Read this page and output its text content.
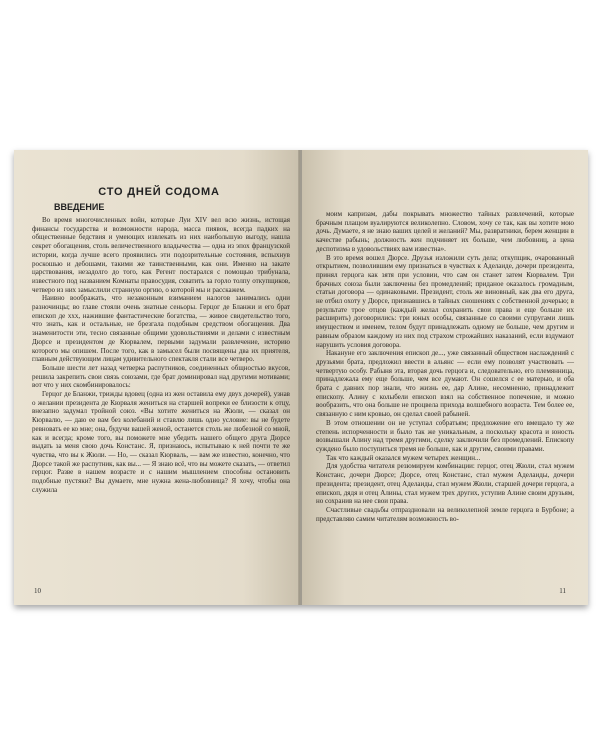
СТО ДНЕЙ СОДОМА
ВВЕДЕНИЕ

Во время многочисленных войн, которые Луи XIV вел всю жизнь, истощая финансы государства и возможности народа, масса пиявок, всегда падких на общественные бедствия и умеющих извлекать из них наибольшую выгоду, нашла секрет обогащения, столь величественного владычества — одна из эпох французской истории, когда лучше всего проявились эти подозрительные состояния, вспыхнув роскошью и дебошами, такими же таинственными, как они. Именно на закате царствования, незадолго до того, как Регент постарался с помощью трибунала, известного под названием Комнаты правосудия, схватить за горло толпу откупщиков, четверо из них замыслили странную оргию, о которой мы и расскажем.

Наивно воображать, что незаконным взиманием налогов занимались одни разночинцы; во главе стояли очень знатные сеньоры. Герцог де Бланжи и его брат епископ де ххх, нажившие фантастические богатства, — живое свидетельство того, что знать, как и остальные, не брезгала подобным средством обогащения. Два знаменитости эти, тесно связанные общими удовольствиями и делами с известным Дюрсе и президентом де Кюрвалем, первыми задумали развлечение, историю которого мы опишем. После того, как в замысел были посвящены два их приятеля, главным действующим лицам удивительного спектакля стали все четверо.

Больше шести лет назад четверка распутников, соединенных общностью вкусов, решила закрепить свои связь союзами, где брат доминировал над другими мотивами; вот что у них скомбинировалось:

Герцог де Бланжи, трижды вдовец (одна из жен оставила ему двух дочерей), узнав о желании президента де Кюрваля жениться на старшей вопреки ее близости к отцу, внезапно задумал тройной союз. «Вы хотите жениться на Жюли, — сказал он Кюрвалю, — даю ее вам без колебаний и ставлю лишь одно условие: вы не будете ревновать ее ко мне; она, будучи вашей женой, останется столь же любезной со мной, как и всегда; кроме того, вы поможете мне убедить нашего общего друга Дюрсе выдать за меня свою дочь Констанс. Я, признаюсь, испытываю к ней почти те же чувства, что вы к Жюли. — Но, — сказал Кюрваль, — вам же известно, конечно, что Дюрсе такой же распутник, как вы... — Я знаю всё, что вы можете сказать, — ответил герцог. Разве в нашем возрасте и с нашим мышлением способны остановить подобные пустяки? Вы думаете, мне нужна жена-любовница? Я хочу, чтобы она служила

10

моим капризам, дабы покрывать множество тайных развлечений, которые брачным плащом вуалируются великолепно. Словом, хочу се так, как вы хотите мою дочь. Думаете, я не знаю ваших целей и желаний? Мы, развратники, берем женщин в качестве рабынь; должность жен подчиняет их больше, чем любовниц, а цена деспотизма в удовольствиях вам известна».

В это время вошел Дюрсе. Друзья изложили суть дела; откупщик, очарованный открытием, позволившим ему признаться в чувствах к Аделаиде, дочери президента, принял герцога как зятя при условии, что сам он станет затем Кюрвалем. Три брачных союза были заключены без промедлений; приданое оказалось громадным, статьи договора — одинаковыми. Президент, столь же виновный, как два его друга, не отбил охоту у Дюрсе, признавшись в тайных сношениях с собственной дочерью; в результате трое отцов (каждый желал сохранить свои права и еще больше их расширить) договорились: три юных особы, связанные со своими супругами лишь имуществом и именем, телом будут принадлежать одному не больше, чем другим и равным образом каждому из них под страхом строжайших наказаний, если вздумают нарушить условия договора.

Накануне его заключения епископ де..., уже связанный обществом наслаждений с друзьями брата, предложил ввести в альянс — если ему позволят участвовать — четвертую особу. Рабыня эта, вторая дочь герцога и, следовательно, его племянница, принадлежала ему еще больше, чем все думают. Он сошелся с ее матерью, и оба брата с давних пор знали, что жизнь ее, дар Алине, несомненно, принадлежит епископу. Алину с колыбели епископ взял на собственное попечение, и можно вообразить, что она больше не процвела прихода волшебного возраста. Тем более ее, связанную с ним кровью, он сделал своей рабыней.

В этом отношении он не уступал собратьям; предложение его вмещало ту же степень испорченности и было так же уникальным, а поскольку красота и юность возвышали Алину над тремя другими, сделку заключили без промедлений. Епископу суждено было поступиться тремя не больше, как и другим, своими правами.

Так что каждый оказался мужем четырех женщин...

Для удобства читателя резюмируем комбинации: герцог, отец Жюли, стал мужем Констанс, дочери Дюрсе; Дюрсе, отец Констанс, стал мужем Аделаиды, дочери президента; президент, отец Аделаиды, стал мужем Жюли, старшей дочери герцога, а епископ, дядя и отец Алины, стал мужем трех других, уступив Алине своим друзьям, но сохранив на нее свои права.

Счастливые свадьбы отпраздновали на великолепной земле герцога в Бурбоне; а представляю самим читателям возможность во-

11
